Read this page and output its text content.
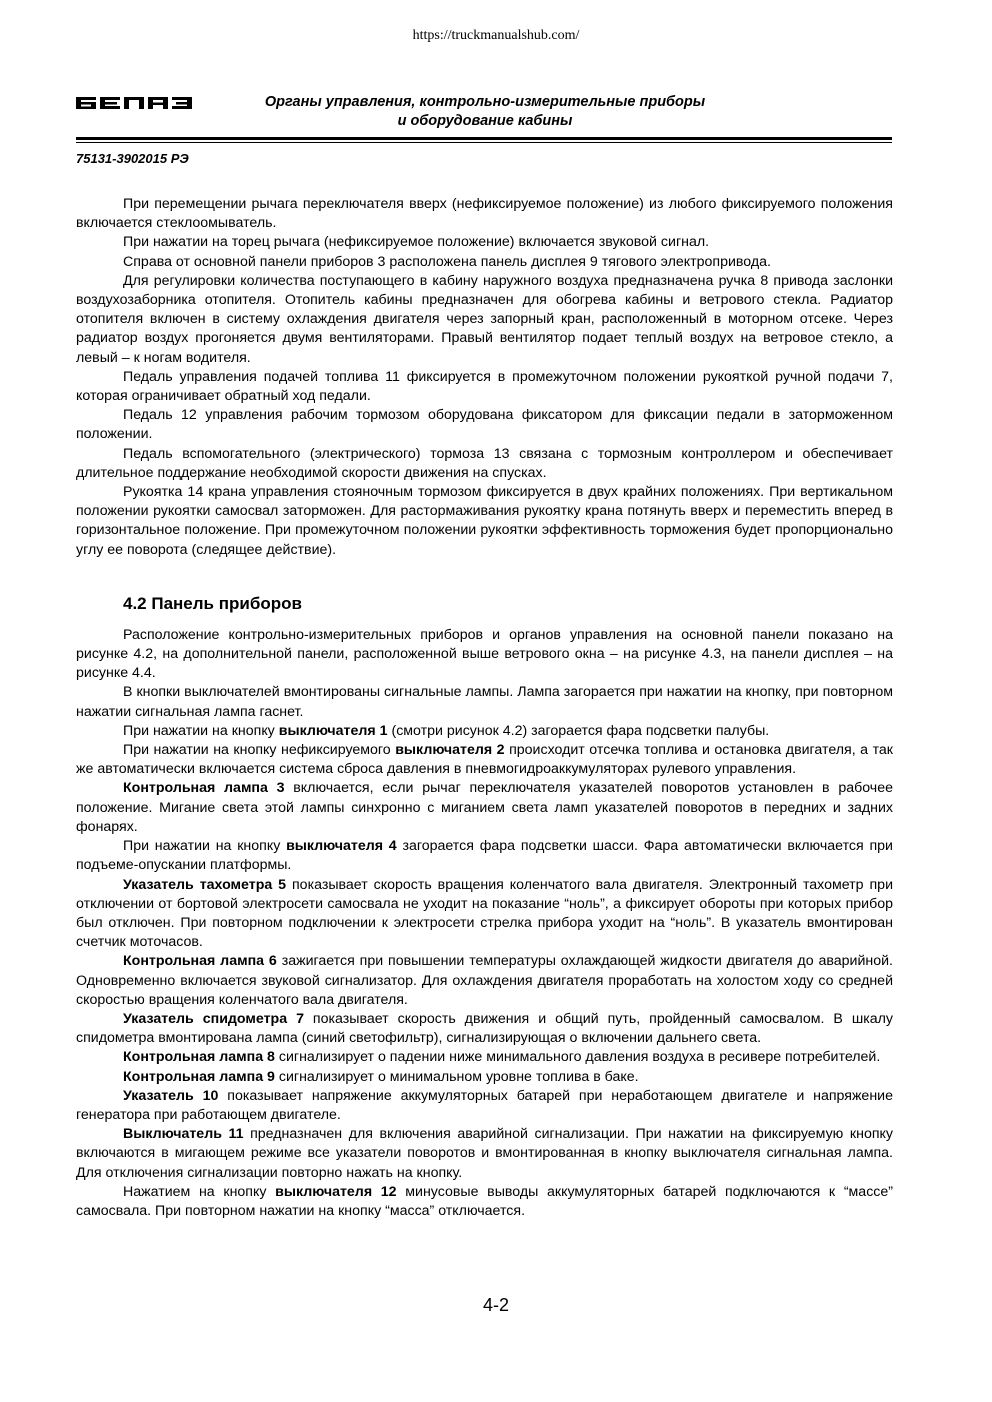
https://truckmanualshub.com/
Органы управления, контрольно-измерительные приборы
и оборудование кабины
75131-3902015 РЭ

При перемещении рычага переключателя вверх (нефиксируемое положение) из любого фиксируемого положения включается стеклоомыватель.

При нажатии на торец рычага (нефиксируемое положение) включается звуковой сигнал.

Справа от основной панели приборов 3 расположена панель дисплея 9 тягового электропривода.

Для регулировки количества поступающего в кабину наружного воздуха предназначена ручка 8 привода заслонки воздухозаборника отопителя. Отопитель кабины предназначен для обогрева кабины и ветрового стекла. Радиатор отопителя включен в систему охлаждения двигателя через запорный кран, расположенный в моторном отсеке. Через радиатор воздух прогоняется двумя вентиляторами. Правый вентилятор подает теплый воздух на ветровое стекло, а левый – к ногам водителя.

Педаль управления подачей топлива 11 фиксируется в промежуточном положении рукояткой ручной подачи 7, которая ограничивает обратный ход педали.

Педаль 12 управления рабочим тормозом оборудована фиксатором для фиксации педали в заторможенном положении.

Педаль вспомогательного (электрического) тормоза 13 связана с тормозным контроллером и обеспечивает длительное поддержание необходимой скорости движения на спусках.

Рукоятка 14 крана управления стояночным тормозом фиксируется в двух крайних положениях. При вертикальном положении рукоятки самосвал заторможен. Для растормаживания рукоятку крана потянуть вверх и переместить вперед в горизонтальное положение. При промежуточном положении рукоятки эффективность торможения будет пропорционально углу ее поворота (следящее действие).

4.2 Панель приборов

Расположение контрольно-измерительных приборов и органов управления на основной панели показано на рисунке 4.2, на дополнительной панели, расположенной выше ветрового окна – на рисунке 4.3, на панели дисплея – на рисунке 4.4.

В кнопки выключателей вмонтированы сигнальные лампы. Лампа загорается при нажатии на кнопку, при повторном нажатии сигнальная лампа гаснет.

При нажатии на кнопку выключателя 1 (смотри рисунок 4.2) загорается фара подсветки палубы.

При нажатии на кнопку нефиксируемого выключателя 2 происходит отсечка топлива и остановка двигателя, а так же автоматически включается система сброса давления в пневмогидроаккумуляторах рулевого управления.

Контрольная лампа 3 включается, если рычаг переключателя указателей поворотов установлен в рабочее положение. Мигание света этой лампы синхронно с миганием света ламп указателей поворотов в передних и задних фонарях.

При нажатии на кнопку выключателя 4 загорается фара подсветки шасси. Фара автоматически включается при подъеме-опускании платформы.

Указатель тахометра 5 показывает скорость вращения коленчатого вала двигателя. Электронный тахометр при отключении от бортовой электросети самосвала не уходит на показание “ноль”, а фиксирует обороты при которых прибор был отключен. При повторном подключении к электросети стрелка прибора уходит на “ноль”. В указатель вмонтирован счетчик моточасов.

Контрольная лампа 6 зажигается при повышении температуры охлаждающей жидкости двигателя до аварийной. Одновременно включается звуковой сигнализатор. Для охлаждения двигателя проработать на холостом ходу со средней скоростью вращения коленчатого вала двигателя.

Указатель спидометра 7 показывает скорость движения и общий путь, пройденный самосвалом. В шкалу спидометра вмонтирована лампа (синий светофильтр), сигнализирующая о включении дальнего света.

Контрольная лампа 8 сигнализирует о падении ниже минимального давления воздуха в ресивере потребителей.

Контрольная лампа 9 сигнализирует о минимальном уровне топлива в баке.

Указатель 10 показывает напряжение аккумуляторных батарей при неработающем двигателе и напряжение генератора при работающем двигателе.

Выключатель 11 предназначен для включения аварийной сигнализации. При нажатии на фиксируемую кнопку включаются в мигающем режиме все указатели поворотов и вмонтированная в кнопку выключателя сигнальная лампа. Для отключения сигнализации повторно нажать на кнопку.

Нажатием на кнопку выключателя 12 минусовые выводы аккумуляторных батарей подключаются к “массе” самосвала. При повторном нажатии на кнопку “масса” отключается.

4-2
